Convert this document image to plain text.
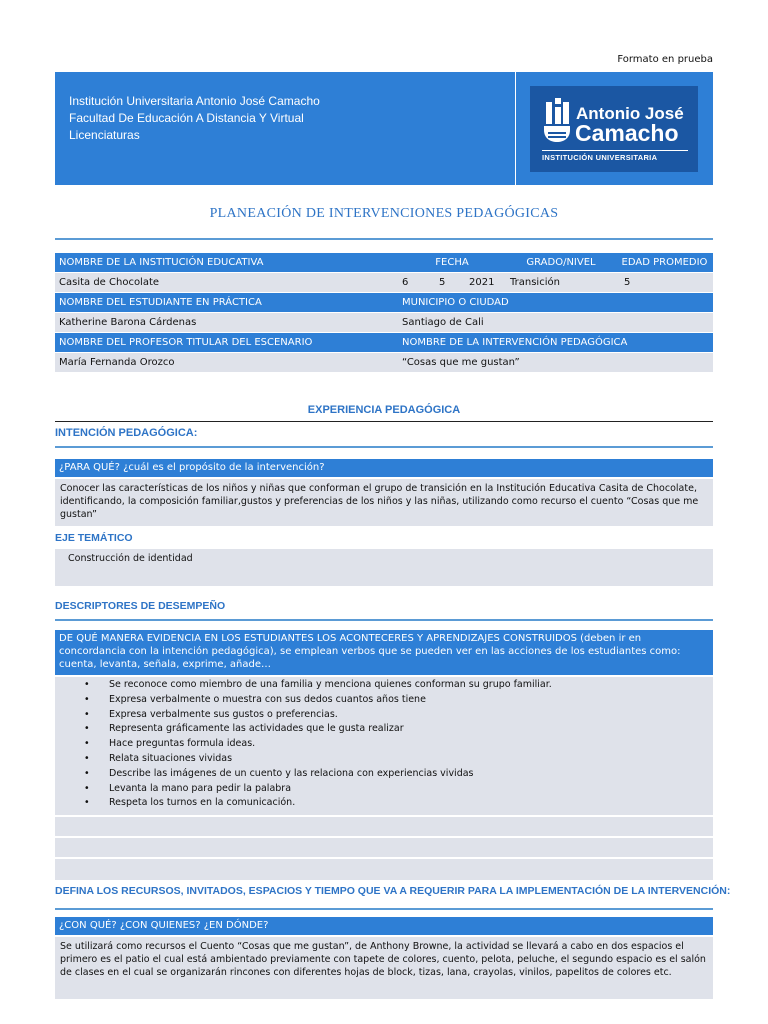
Formato en prueba
Institución Universitaria Antonio José Camacho
Facultad De Educación A Distancia Y Virtual
Licenciaturas
Antonio José
Camacho
INSTITUCIÓN UNIVERSITARIA
PLANEACIÓN DE INTERVENCIONES PEDAGÓGICAS
NOMBRE DE LA INSTITUCIÓN EDUCATIVA	FECHA			GRADO/NIVEL	EDAD PROMEDIO
Casita de Chocolate	6	5	2021	Transición	5
NOMBRE DEL ESTUDIANTE EN PRÁCTICA	MUNICIPIO O CIUDAD				
Katherine Barona Cárdenas	Santiago de Cali				
NOMBRE DEL PROFESOR TITULAR DEL ESCENARIO	NOMBRE DE LA INTERVENCIÓN PEDAGÓGICA				
María Fernanda Orozco	“Cosas que me gustan”				
EXPERIENCIA PEDAGÓGICA
INTENCIÓN PEDAGÓGICA:
¿PARA QUÉ? ¿cuál es el propósito de la intervención?
Conocer las características de los niños y niñas que conforman el grupo de transición en la Institución Educativa Casita de Chocolate, identificando, la composición familiar,gustos y preferencias de los niños y las niñas, utilizando como recurso el cuento “Cosas que me gustan”
EJE TEMÁTICO
Construcción de identidad
DESCRIPTORES DE DESEMPEÑO
DE QUÉ MANERA EVIDENCIA EN LOS ESTUDIANTES LOS ACONTECERES Y APRENDIZAJES CONSTRUIDOS (deben ir en concordancia con la intención pedagógica), se emplean verbos que se pueden ver en las acciones de los estudiantes como: cuenta, levanta, señala, exprime, añade…
• Se reconoce como miembro de una familia y menciona quienes conforman su grupo familiar.
• Expresa verbalmente o muestra con sus dedos cuantos años tiene
• Expresa verbalmente sus gustos o preferencias.
• Representa gráficamente las actividades que le gusta realizar
• Hace preguntas formula ideas.
• Relata situaciones vividas
• Describe las imágenes de un cuento y las relaciona con experiencias vividas
• Levanta la mano para pedir la palabra
• Respeta los turnos en la comunicación.
DEFINA LOS RECURSOS, INVITADOS, ESPACIOS Y TIEMPO QUE VA A REQUERIR PARA LA IMPLEMENTACIÓN DE LA INTERVENCIÓN:
¿CON QUÉ? ¿CON QUIENES? ¿EN DÓNDE?
Se utilizará como recursos el Cuento “Cosas que me gustan”, de Anthony Browne, la actividad se llevará a cabo en dos espacios el primero es el patio el cual está ambientado previamente con tapete de colores, cuento, pelota, peluche, el segundo espacio es el salón de clases en el cual se organizarán rincones con diferentes hojas de block, tizas, lana, crayolas, vinilos, papelitos de colores etc.
